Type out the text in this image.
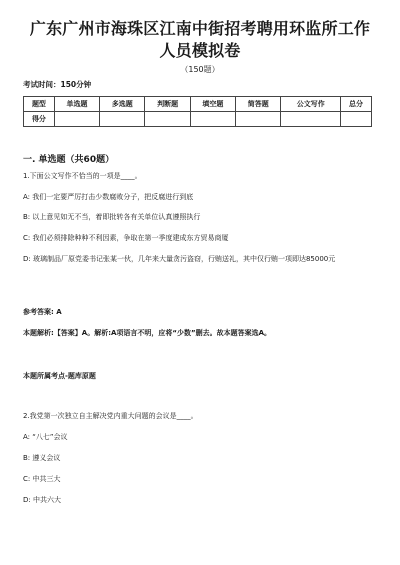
广东广州市海珠区江南中街招考聘用环监所工作人员模拟卷
（150题）
考试时间：150分钟
题型	单选题	多选题	判断题	填空题	简答题	公文写作	总分
得分							
一. 单选题（共60题）
1.下面公文写作不恰当的一项是____。
A: 我们一定要严厉打击少数腐败分子，把反腐进行到底
B: 以上意见如无不当，着即批转各有关单位认真遵照执行
C: 我们必须排除种种不利因素，争取在第一季度建成东方贸易商厦
D: 玻璃制品厂原党委书记张某一伙，几年来大量贪污盗窃，行贿送礼，其中仅行贿一项即达85000元
参考答案: A
本题解析:【答案】A。解析:A项语言不明，应将“少数”删去。故本题答案选A。
本题所属考点-题库原题
2.我党第一次独立自主解决党内重大问题的会议是____。
A: “八七”会议
B: 遵义会议
C: 中共三大
D: 中共六大
